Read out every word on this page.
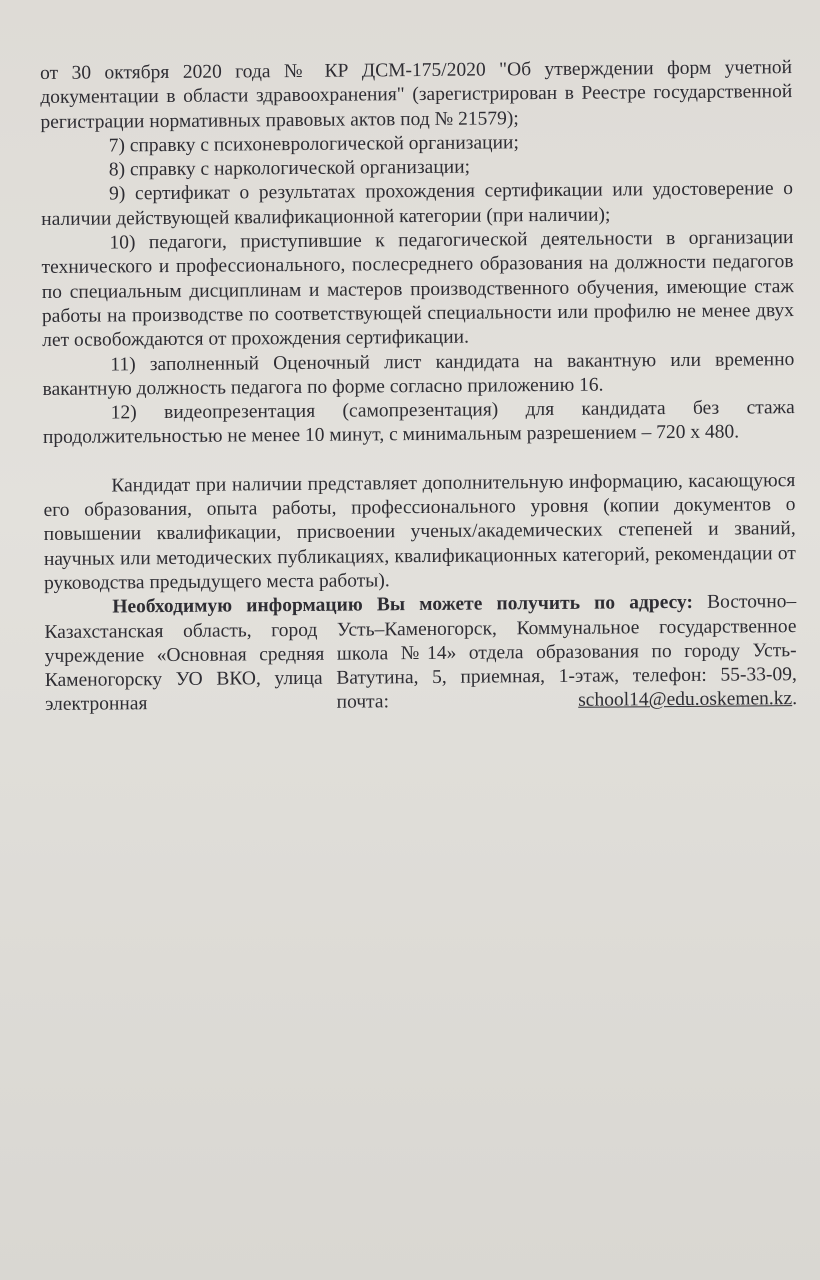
от 30 октября 2020 года № КР ДСМ-175/2020 "Об утверждении форм учетной документации в области здравоохранения" (зарегистрирован в Реестре государственной регистрации нормативных правовых актов под № 21579);

7) справку с психоневрологической организации;

8) справку с наркологической организации;

9) сертификат о результатах прохождения сертификации или удостоверение о наличии действующей квалификационной категории (при наличии);

10) педагоги, приступившие к педагогической деятельности в организации технического и профессионального, послесреднего образования на должности педагогов по специальным дисциплинам и мастеров производственного обучения, имеющие стаж работы на производстве по соответствующей специальности или профилю не менее двух лет освобождаются от прохождения сертификации.

11) заполненный Оценочный лист кандидата на вакантную или временно вакантную должность педагога по форме согласно приложению 16.

12) видеопрезентация (самопрезентация) для кандидата без стажа продолжительностью не менее 10 минут, с минимальным разрешением – 720 х 480.

Кандидат при наличии представляет дополнительную информацию, касающуюся его образования, опыта работы, профессионального уровня (копии документов о повышении квалификации, присвоении ученых/академических степеней и званий, научных или методических публикациях, квалификационных категорий, рекомендации от руководства предыдущего места работы).

Необходимую информацию Вы можете получить по адресу: Восточно–Казахстанская область, город Усть–Каменогорск, Коммунальное государственное учреждение «Основная средняя школа №14» отдела образования по городу Усть-Каменогорску УО ВКО, улица Ватутина, 5, приемная, 1-этаж, телефон: 55-33-09, электронная почта:	school14@edu.oskemen.kz.
